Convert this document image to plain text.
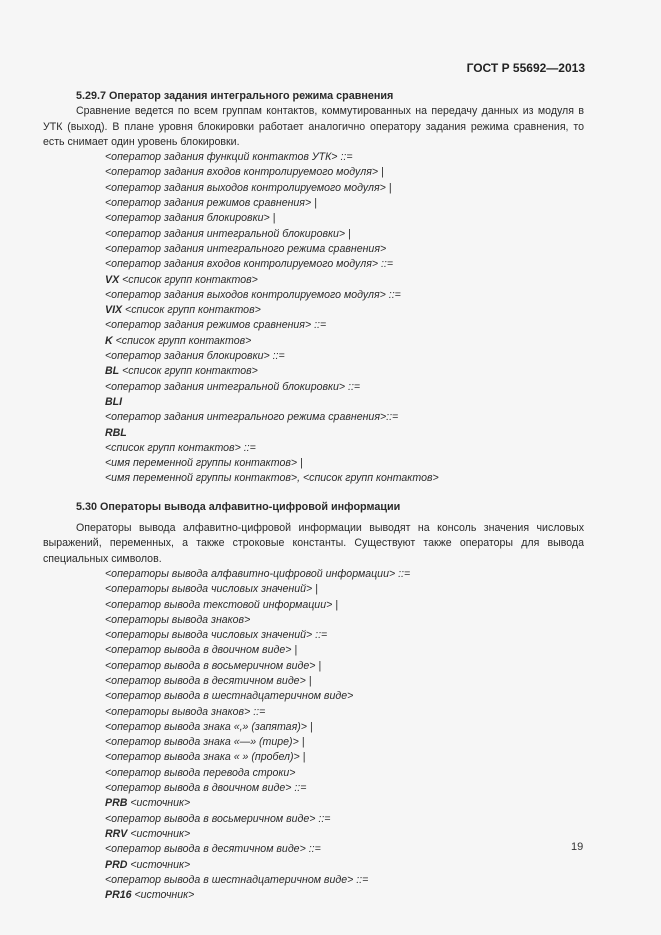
ГОСТ Р 55692—2013

5.29.7 Оператор задания интегрального режима сравнения

Сравнение ведется по всем группам контактов, коммутированных на передачу данных из модуля в УТК (выход). В плане уровня блокировки работает аналогично оператору задания режима сравнения, то есть снимает один уровень блокировки.

<оператор задания функций контактов УТК> ::=
<оператор задания входов контролируемого модуля> |
<оператор задания выходов контролируемого модуля> |
<оператор задания режимов сравнения> |
<оператор задания блокировки> |
<оператор задания интегральной блокировки> |
<оператор задания интегрального режима сравнения>
<оператор задания входов контролируемого модуля> ::=
VX <список групп контактов>
<оператор задания выходов контролируемого модуля> ::=
VIX <список групп контактов>
<оператор задания режимов сравнения> ::=
K <список групп контактов>
<оператор задания блокировки> ::=
BL <список групп контактов>
<оператор задания интегральной блокировки> ::=
BLI
<оператор задания интегрального режима сравнения>::=
RBL
<список групп контактов> ::=
<имя переменной группы контактов> |
<имя переменной группы контактов>, <список групп контактов>

5.30 Операторы вывода алфавитно-цифровой информации

Операторы вывода алфавитно-цифровой информации выводят на консоль значения числовых выражений, переменных, а также строковые константы. Существуют также операторы для вывода специальных символов.

<операторы вывода алфавитно-цифровой информации> ::=
<операторы вывода числовых значений> |
<оператор вывода текстовой информации> |
<операторы вывода знаков>
<операторы вывода числовых значений> ::=
<оператор вывода в двоичном виде> |
<оператор вывода в восьмеричном виде> |
<оператор вывода в десятичном виде> |
<оператор вывода в шестнадцатеричном виде>
<операторы вывода знаков> ::=
<оператор вывода знака «,» (запятая)> |
<оператор вывода знака «—» (тире)> |
<оператор вывода знака « » (пробел)> |
<оператор вывода перевода строки>
<оператор вывода в двоичном виде> ::=
PRB <источник>
<оператор вывода в восьмеричном виде> ::=
RRV <источник>
<оператор вывода в десятичном виде> ::=
PRD <источник>
<оператор вывода в шестнадцатеричном виде> ::=
PR16 <источник>
19
